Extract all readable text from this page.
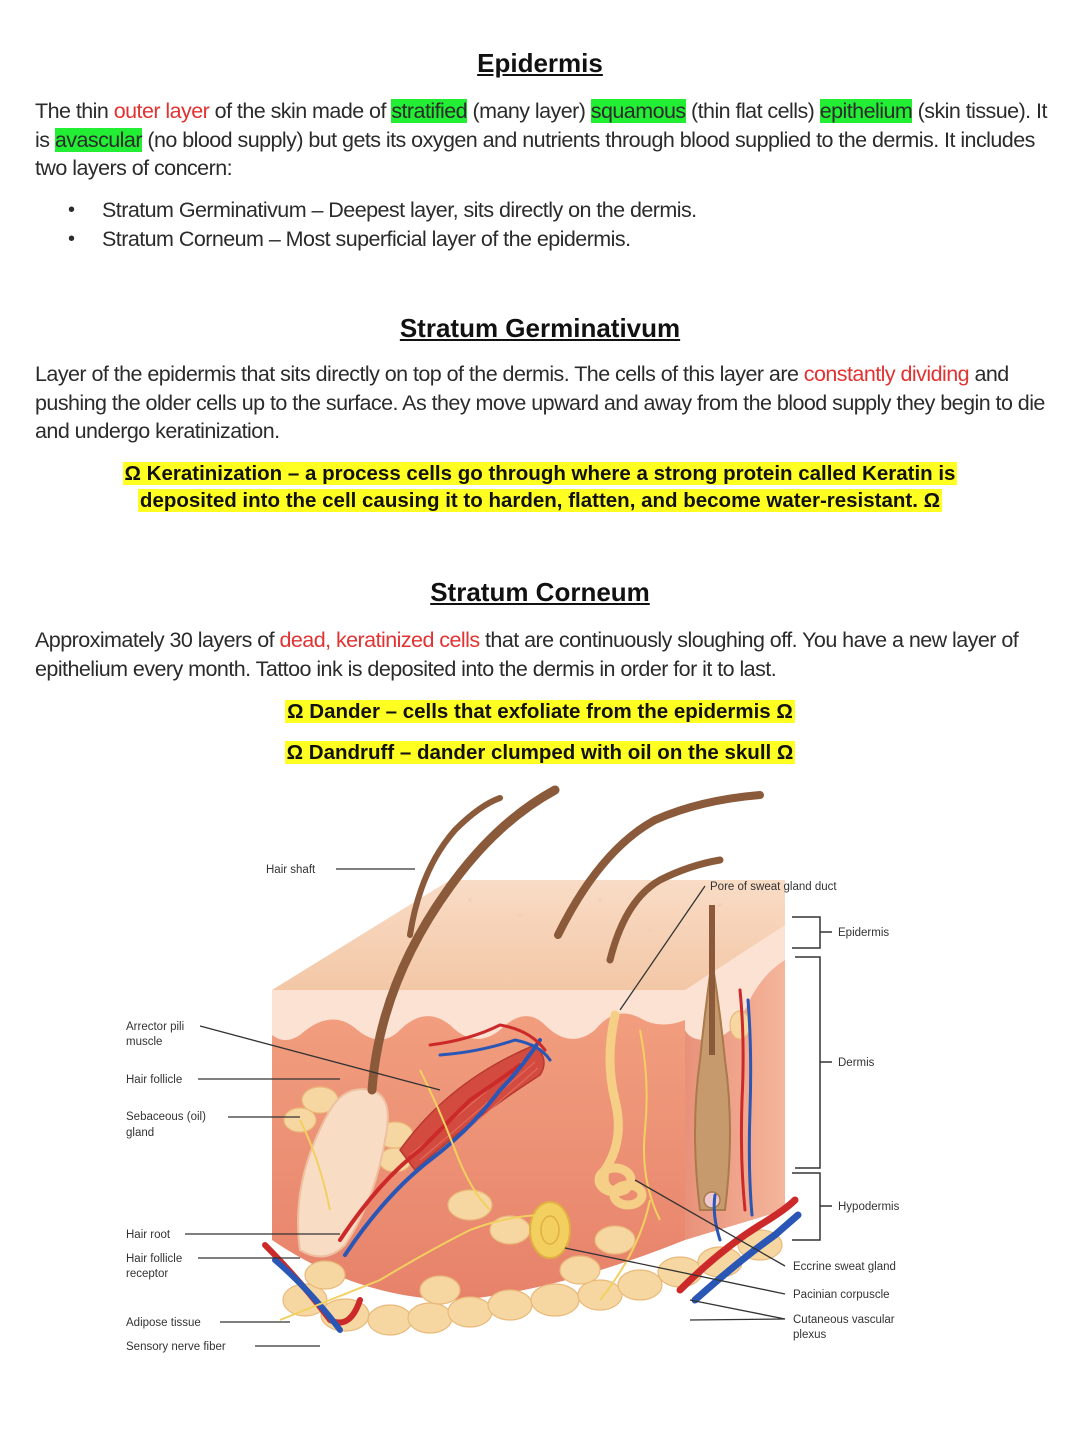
Epidermis

The thin outer layer of the skin made of stratified (many layer) squamous (thin flat cells) epithelium (skin tissue). It is avascular (no blood supply) but gets its oxygen and nutrients through blood supplied to the dermis. It includes two layers of concern:

• Stratum Germinativum – Deepest layer, sits directly on the dermis.
• Stratum Corneum – Most superficial layer of the epidermis.
Stratum Germinativum

Layer of the epidermis that sits directly on top of the dermis. The cells of this layer are constantly dividing and pushing the older cells up to the surface. As they move upward and away from the blood supply they begin to die and undergo keratinization.

Ω Keratinization – a process cells go through where a strong protein called Keratin is
deposited into the cell causing it to harden, flatten, and become water-resistant. Ω

Stratum Corneum

Approximately 30 layers of dead, keratinized cells that are continuously sloughing off. You have a new layer of epithelium every month. Tattoo ink is deposited into the dermis in order for it to last.

Ω Dander – cells that exfoliate from the epidermis Ω

Ω Dandruff – dander clumped with oil on the skull Ω

Hair shaft
Pore of sweat gland duct
Epidermis
Dermis
Hypodermis
Arrector pili
muscle
Hair follicle
Sebaceous (oil)
gland
Hair root
Hair follicle
receptor
Adipose tissue
Sensory nerve fiber
Eccrine sweat gland
Pacinian corpuscle
Cutaneous vascular
plexus
